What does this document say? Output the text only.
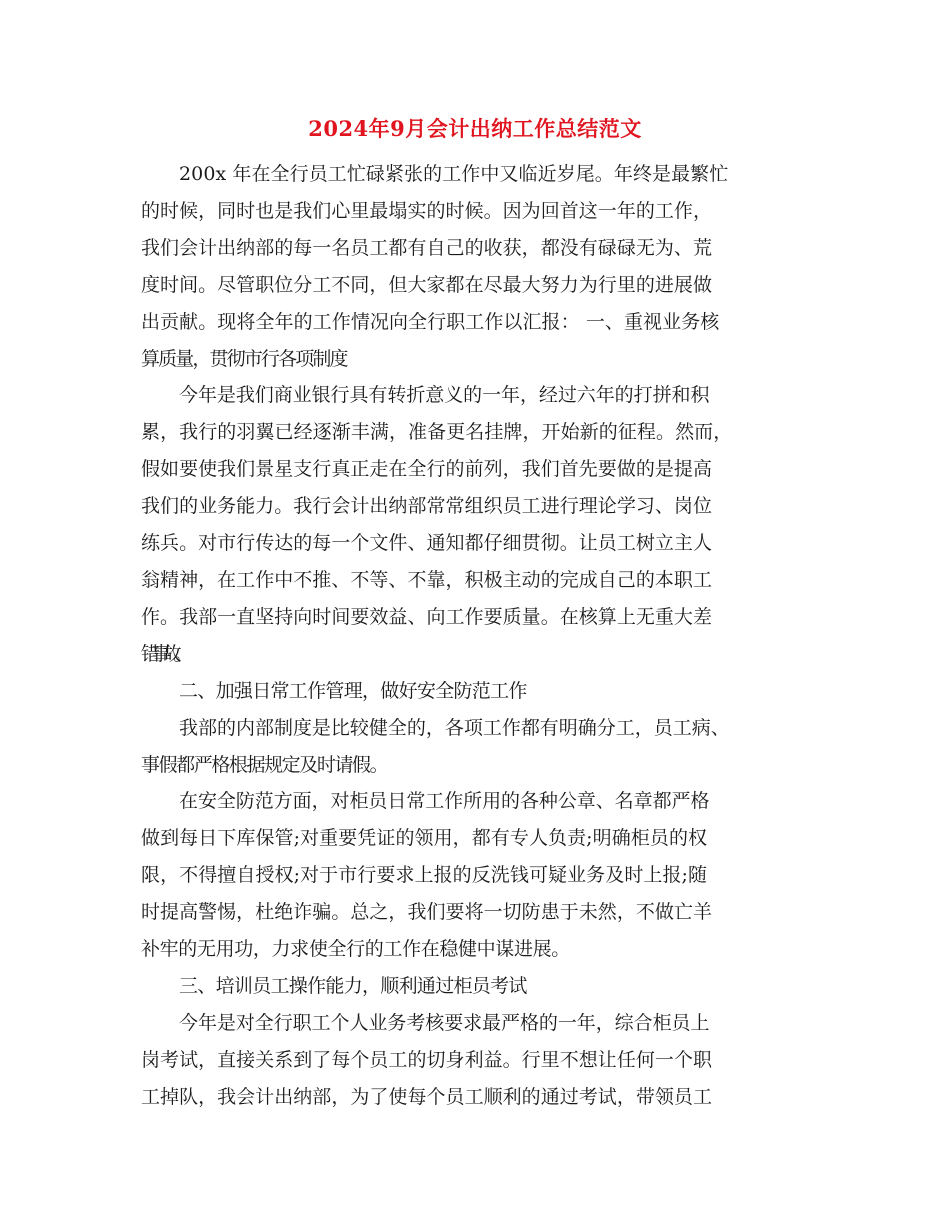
2024年9月会计出纳工作总结范文

200x 年在全行员工忙碌紧张的工作中又临近岁尾。年终是最繁忙
的时候，同时也是我们心里最塌实的时候。因为回首这一年的工作，
我们会计出纳部的每一名员工都有自己的收获，都没有碌碌无为、荒
度时间。尽管职位分工不同，但大家都在尽最大努力为行里的进展做
出贡献。现将全年的工作情况向全行职工作以汇报： 一、重视业务核
算质量，贯彻市行各项制度

今年是我们商业银行具有转折意义的一年，经过六年的打拼和积
累，我行的羽翼已经逐渐丰满，准备更名挂牌，开始新的征程。然而，
假如要使我们景星支行真正走在全行的前列，我们首先要做的是提高
我们的业务能力。我行会计出纳部常常组织员工进行理论学习、岗位
练兵。对市行传达的每一个文件、通知都仔细贯彻。让员工树立主人
翁精神，在工作中不推、不等、不靠，积极主动的完成自己的本职工
作。我部一直坚持向时间要效益、向工作要质量。在核算上无重大差
错事故。

二、加强日常工作管理，做好安全防范工作

我部的内部制度是比较健全的，各项工作都有明确分工，员工病、
事假都严格根据规定及时请假。

在安全防范方面，对柜员日常工作所用的各种公章、名章都严格
做到每日下库保管;对重要凭证的领用，都有专人负责;明确柜员的权
限，不得擅自授权;对于市行要求上报的反洗钱可疑业务及时上报;随
时提高警惕，杜绝诈骗。总之，我们要将一切防患于未然，不做亡羊
补牢的无用功，力求使全行的工作在稳健中谋进展。

三、培训员工操作能力，顺利通过柜员考试

今年是对全行职工个人业务考核要求最严格的一年，综合柜员上
岗考试，直接关系到了每个员工的切身利益。行里不想让任何一个职
工掉队，我会计出纳部，为了使每个员工顺利的通过考试，带领员工
